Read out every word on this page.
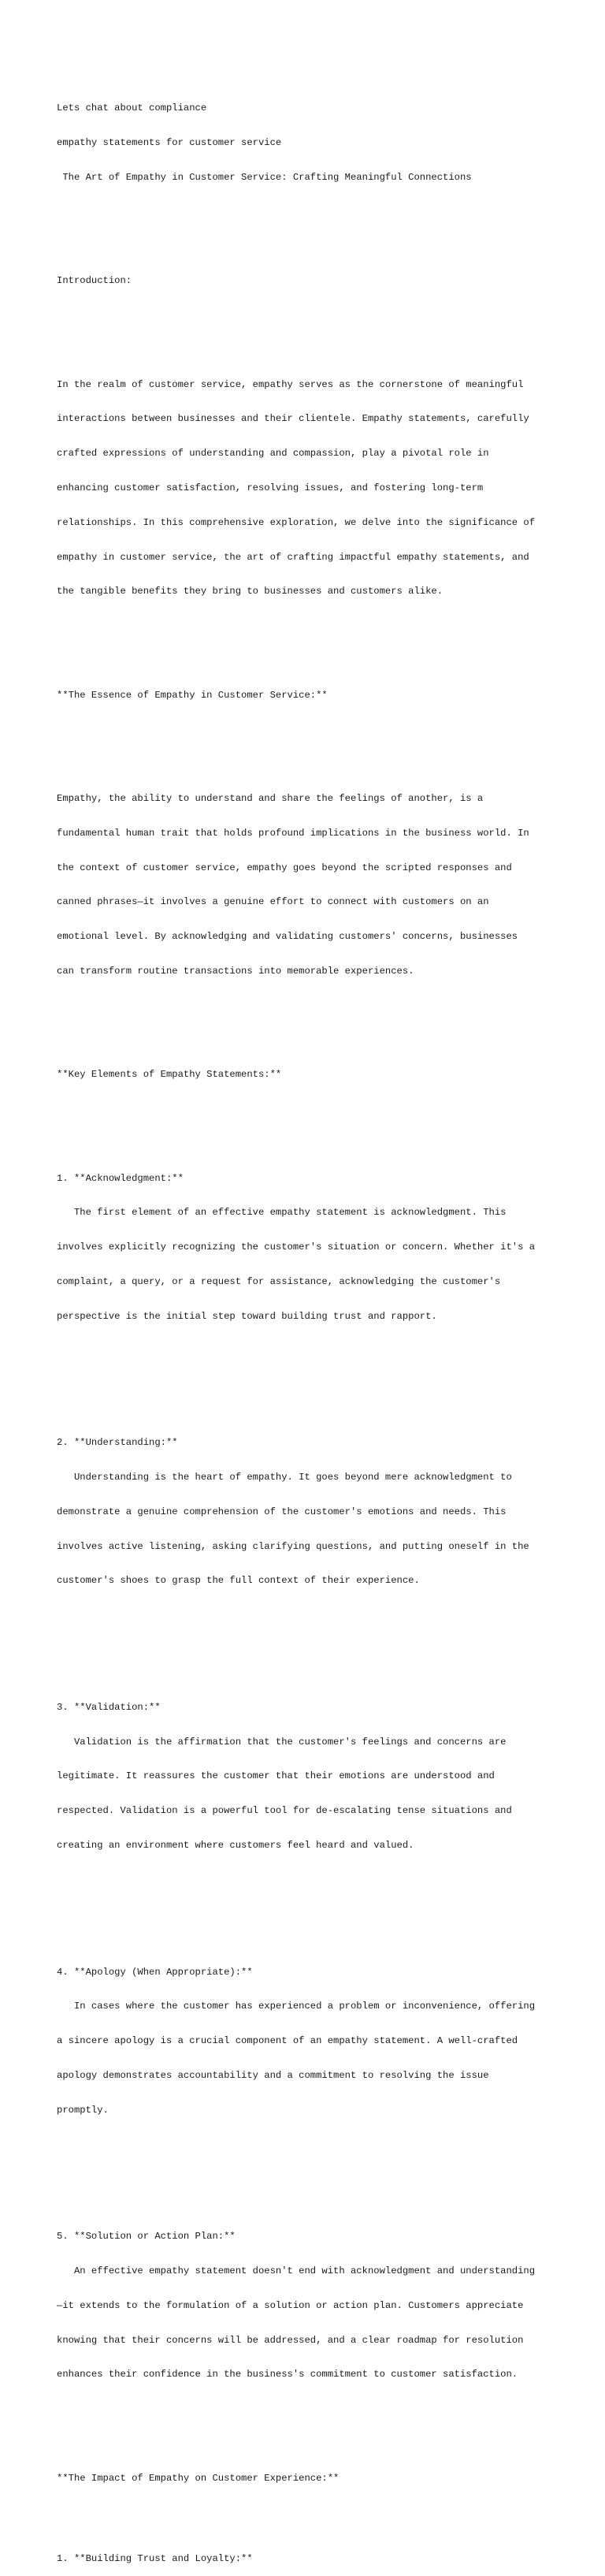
Lets chat about compliance

empathy statements for customer service

The Art of Empathy in Customer Service: Crafting Meaningful Connections

Introduction:

In the realm of customer service, empathy serves as the cornerstone of meaningful

interactions between businesses and their clientele. Empathy statements, carefully

crafted expressions of understanding and compassion, play a pivotal role in

enhancing customer satisfaction, resolving issues, and fostering long-term

relationships. In this comprehensive exploration, we delve into the significance of

empathy in customer service, the art of crafting impactful empathy statements, and

the tangible benefits they bring to businesses and customers alike.

**The Essence of Empathy in Customer Service:**

Empathy, the ability to understand and share the feelings of another, is a

fundamental human trait that holds profound implications in the business world. In

the context of customer service, empathy goes beyond the scripted responses and

canned phrases—it involves a genuine effort to connect with customers on an

emotional level. By acknowledging and validating customers' concerns, businesses

can transform routine transactions into memorable experiences.

**Key Elements of Empathy Statements:**

1. **Acknowledgment:**

The first element of an effective empathy statement is acknowledgment. This

involves explicitly recognizing the customer's situation or concern. Whether it's a

complaint, a query, or a request for assistance, acknowledging the customer's

perspective is the initial step toward building trust and rapport.

2. **Understanding:**

Understanding is the heart of empathy. It goes beyond mere acknowledgment to

demonstrate a genuine comprehension of the customer's emotions and needs. This

involves active listening, asking clarifying questions, and putting oneself in the

customer's shoes to grasp the full context of their experience.

3. **Validation:**

Validation is the affirmation that the customer's feelings and concerns are

legitimate. It reassures the customer that their emotions are understood and

respected. Validation is a powerful tool for de-escalating tense situations and

creating an environment where customers feel heard and valued.

4. **Apology (When Appropriate):**

In cases where the customer has experienced a problem or inconvenience, offering

a sincere apology is a crucial component of an empathy statement. A well-crafted

apology demonstrates accountability and a commitment to resolving the issue

promptly.

5. **Solution or Action Plan:**

An effective empathy statement doesn't end with acknowledgment and understanding

—it extends to the formulation of a solution or action plan. Customers appreciate

knowing that their concerns will be addressed, and a clear roadmap for resolution

enhances their confidence in the business's commitment to customer satisfaction.

**The Impact of Empathy on Customer Experience:**

1. **Building Trust and Loyalty:**
